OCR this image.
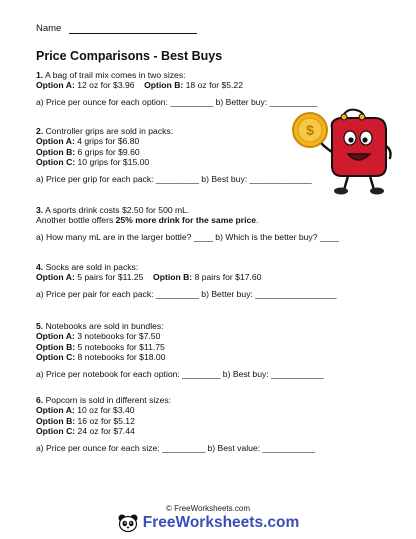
Name
Price Comparisons - Best Buys

1. A bag of trail mix comes in two sizes:

Option A: 12 oz for $3.96 Option B: 18 oz for $5.22

a) Price per ounce for each option: _________ b) Better buy: __________

2. Controller grips are sold in packs:

Option A: 4 grips for $6.80

Option B: 6 grips for $9.60

Option C: 10 grips for $15.00

a) Price per grip for each pack: _________ b) Best buy: _____________

$

3. A sports drink costs $2.50 for 500 mL.

Another bottle offers 25% more drink for the same price.

a) How many mL are in the larger bottle? ____ b) Which is the better buy? ____

4. Socks are sold in packs:

Option A: 5 pairs for $11.25 Option B: 8 pairs for $17.60

a) Price per pair for each pack: _________ b) Better buy: _________________

5. Notebooks are sold in bundles:

Option A: 3 notebooks for $7.50

Option B: 5 notebooks for $11.75

Option C: 8 notebooks for $18.00

a) Price per notebook for each option: ________ b) Best buy: ___________

6. Popcorn is sold in different sizes:

Option A: 10 oz for $3.40

Option B: 16 oz for $5.12

Option C: 24 oz for $7.44

a) Price per ounce for each size: _________ b) Best value: ___________

© FreeWorksheets.com
FreeWorksheets.com
